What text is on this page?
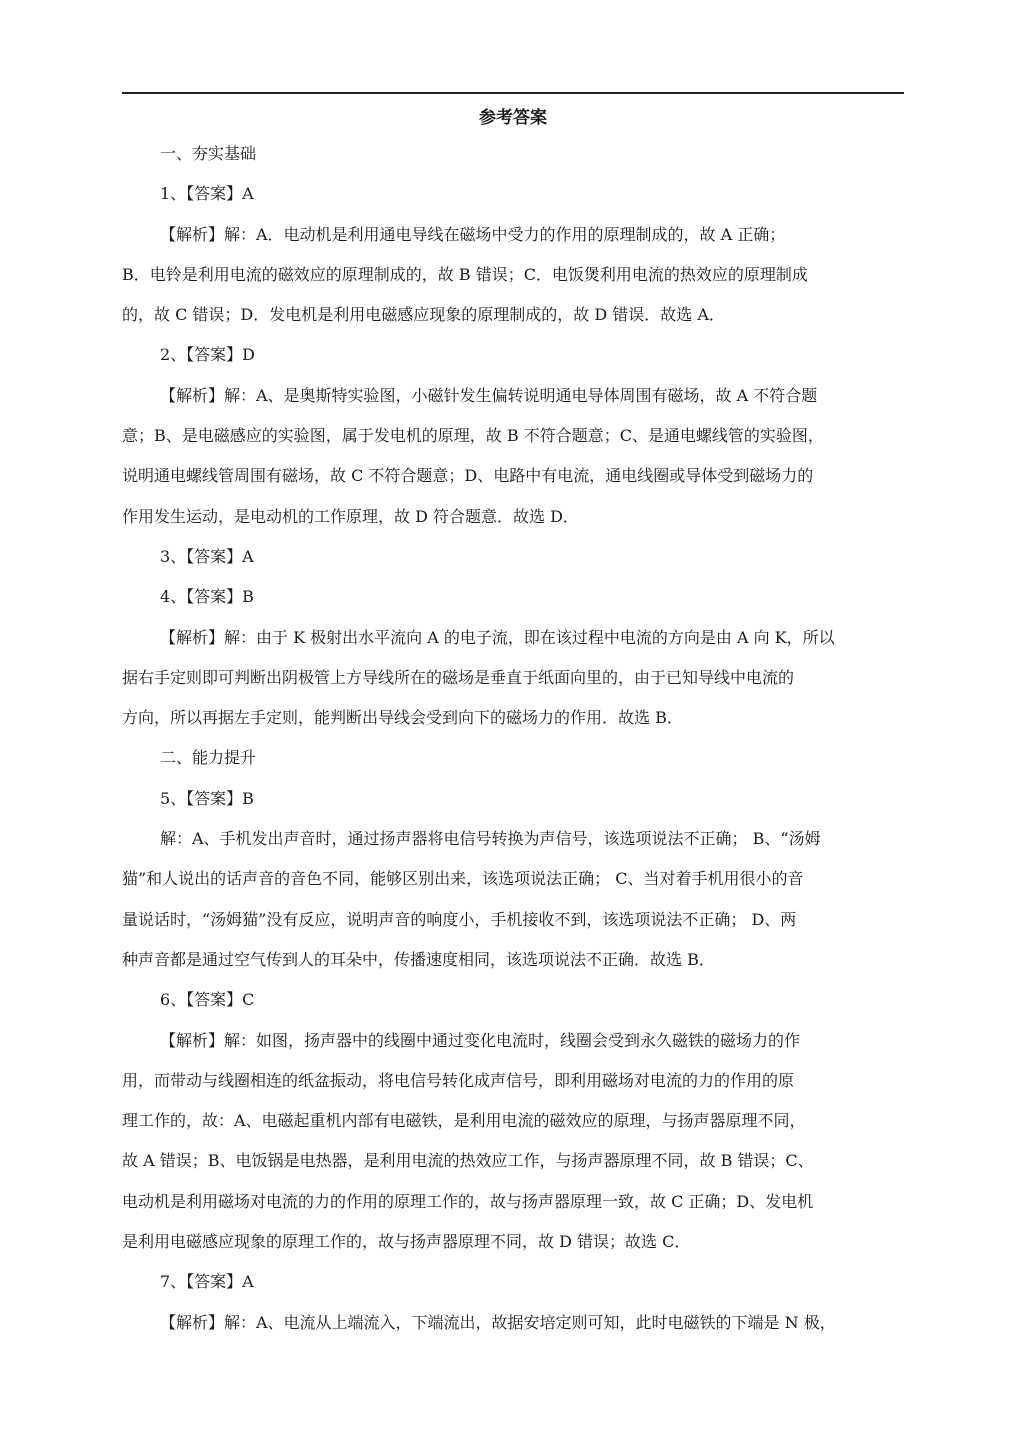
参考答案
一、夯实基础
1、【答案】A
【解析】解：A．电动机是利用通电导线在磁场中受力的作用的原理制成的，故 A 正确；
B．电铃是利用电流的磁效应的原理制成的，故 B 错误；C．电饭煲利用电流的热效应的原理制成
的，故 C 错误；D．发电机是利用电磁感应现象的原理制成的，故 D 错误．故选 A．
2、【答案】D
【解析】解：A、是奥斯特实验图，小磁针发生偏转说明通电导体周围有磁场，故 A 不符合题
意；B、是电磁感应的实验图，属于发电机的原理，故 B 不符合题意；C、是通电螺线管的实验图，
说明通电螺线管周围有磁场，故 C 不符合题意；D、电路中有电流，通电线圈或导体受到磁场力的
作用发生运动，是电动机的工作原理，故 D 符合题意．故选 D．
3、【答案】A
4、【答案】B
【解析】解：由于 K 极射出水平流向 A 的电子流，即在该过程中电流的方向是由 A 向 K，所以
据右手定则即可判断出阴极管上方导线所在的磁场是垂直于纸面向里的，由于已知导线中电流的
方向，所以再据左手定则，能判断出导线会受到向下的磁场力的作用．故选 B．
二、能力提升
5、【答案】B
解：A、手机发出声音时，通过扬声器将电信号转换为声信号，该选项说法不正确； B、“汤姆
猫”和人说出的话声音的音色不同，能够区别出来，该选项说法正确； C、当对着手机用很小的音
量说话时，“汤姆猫”没有反应，说明声音的响度小，手机接收不到，该选项说法不正确； D、两
种声音都是通过空气传到人的耳朵中，传播速度相同，该选项说法不正确．故选 B．
6、【答案】C
【解析】解：如图，扬声器中的线圈中通过变化电流时，线圈会受到永久磁铁的磁场力的作
用，而带动与线圈相连的纸盆振动，将电信号转化成声信号，即利用磁场对电流的力的作用的原
理工作的，故：A、电磁起重机内部有电磁铁，是利用电流的磁效应的原理，与扬声器原理不同，
故 A 错误；B、电饭锅是电热器，是利用电流的热效应工作，与扬声器原理不同，故 B 错误；C、
电动机是利用磁场对电流的力的作用的原理工作的，故与扬声器原理一致，故 C 正确；D、发电机
是利用电磁感应现象的原理工作的，故与扬声器原理不同，故 D 错误；故选 C．
7、【答案】A
【解析】解：A、电流从上端流入，下端流出，故据安培定则可知，此时电磁铁的下端是 N 极，
